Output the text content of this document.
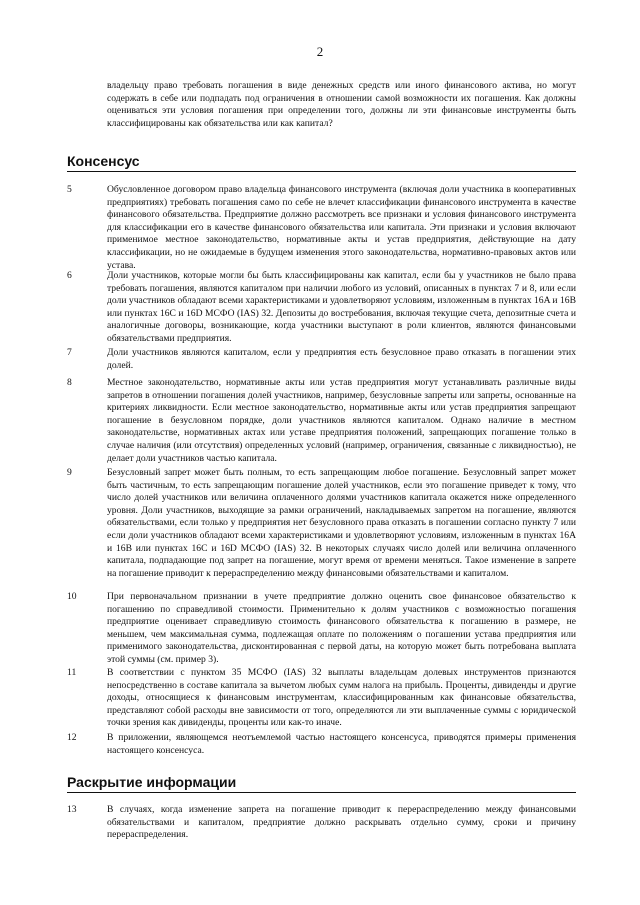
2
владельцу право требовать погашения в виде денежных средств или иного финансового актива, но могут содержать в себе или подпадать под ограничения в отношении самой возможности их погашения. Как должны оцениваться эти условия погашения при определении того, должны ли эти финансовые инструменты быть классифицированы как обязательства или как капитал?
Консенсус
5	Обусловленное договором право владельца финансового инструмента (включая доли участника в кооперативных предприятиях) требовать погашения само по себе не влечет классификации финансового инструмента в качестве финансового обязательства. Предприятие должно рассмотреть все признаки и условия финансового инструмента для классификации его в качестве финансового обязательства или капитала. Эти признаки и условия включают применимое местное законодательство, нормативные акты и устав предприятия, действующие на дату классификации, но не ожидаемые в будущем изменения этого законодательства, нормативно-правовых актов или устава.
6	Доли участников, которые могли бы быть классифицированы как капитал, если бы у участников не было права требовать погашения, являются капиталом при наличии любого из условий, описанных в пунктах 7 и 8, или если доли участников обладают всеми характеристиками и удовлетворяют условиям, изложенным в пунктах 16A и 16B или пунктах 16C и 16D МСФО (IAS) 32. Депозиты до востребования, включая текущие счета, депозитные счета и аналогичные договоры, возникающие, когда участники выступают в роли клиентов, являются финансовыми обязательствами предприятия.
7	Доли участников являются капиталом, если у предприятия есть безусловное право отказать в погашении этих долей.
8	Местное законодательство, нормативные акты или устав предприятия могут устанавливать различные виды запретов в отношении погашения долей участников, например, безусловные запреты или запреты, основанные на критериях ликвидности. Если местное законодательство, нормативные акты или устав предприятия запрещают погашение в безусловном порядке, доли участников являются капиталом. Однако наличие в местном законодательстве, нормативных актах или уставе предприятия положений, запрещающих погашение только в случае наличия (или отсутствия) определенных условий (например, ограничения, связанные с ликвидностью), не делает доли участников частью капитала.
9	Безусловный запрет может быть полным, то есть запрещающим любое погашение. Безусловный запрет может быть частичным, то есть запрещающим погашение долей участников, если это погашение приведет к тому, что число долей участников или величина оплаченного долями участников капитала окажется ниже определенного уровня. Доли участников, выходящие за рамки ограничений, накладываемых запретом на погашение, являются обязательствами, если только у предприятия нет безусловного права отказать в погашении согласно пункту 7 или если доли участников обладают всеми характеристиками и удовлетворяют условиям, изложенным в пунктах 16A и 16B или пунктах 16C и 16D МСФО (IAS) 32. В некоторых случаях число долей или величина оплаченного капитала, подпадающие под запрет на погашение, могут время от времени меняться. Такое изменение в запрете на погашение приводит к перераспределению между финансовыми обязательствами и капиталом.
10	При первоначальном признании в учете предприятие должно оценить свое финансовое обязательство к погашению по справедливой стоимости. Применительно к долям участников с возможностью погашения предприятие оценивает справедливую стоимость финансового обязательства к погашению в размере, не меньшем, чем максимальная сумма, подлежащая оплате по положениям о погашении устава предприятия или применимого законодательства, дисконтированная с первой даты, на которую может быть потребована выплата этой суммы (см. пример 3).
11	В соответствии с пунктом 35 МСФО (IAS) 32 выплаты владельцам долевых инструментов признаются непосредственно в составе капитала за вычетом любых сумм налога на прибыль. Проценты, дивиденды и другие доходы, относящиеся к финансовым инструментам, классифицированным как финансовые обязательства, представляют собой расходы вне зависимости от того, определяются ли эти выплаченные суммы с юридической точки зрения как дивиденды, проценты или как-то иначе.
12	В приложении, являющемся неотъемлемой частью настоящего консенсуса, приводятся примеры применения настоящего консенсуса.
Раскрытие информации
13	В случаях, когда изменение запрета на погашение приводит к перераспределению между финансовыми обязательствами и капиталом, предприятие должно раскрывать отдельно сумму, сроки и причину перераспределения.
